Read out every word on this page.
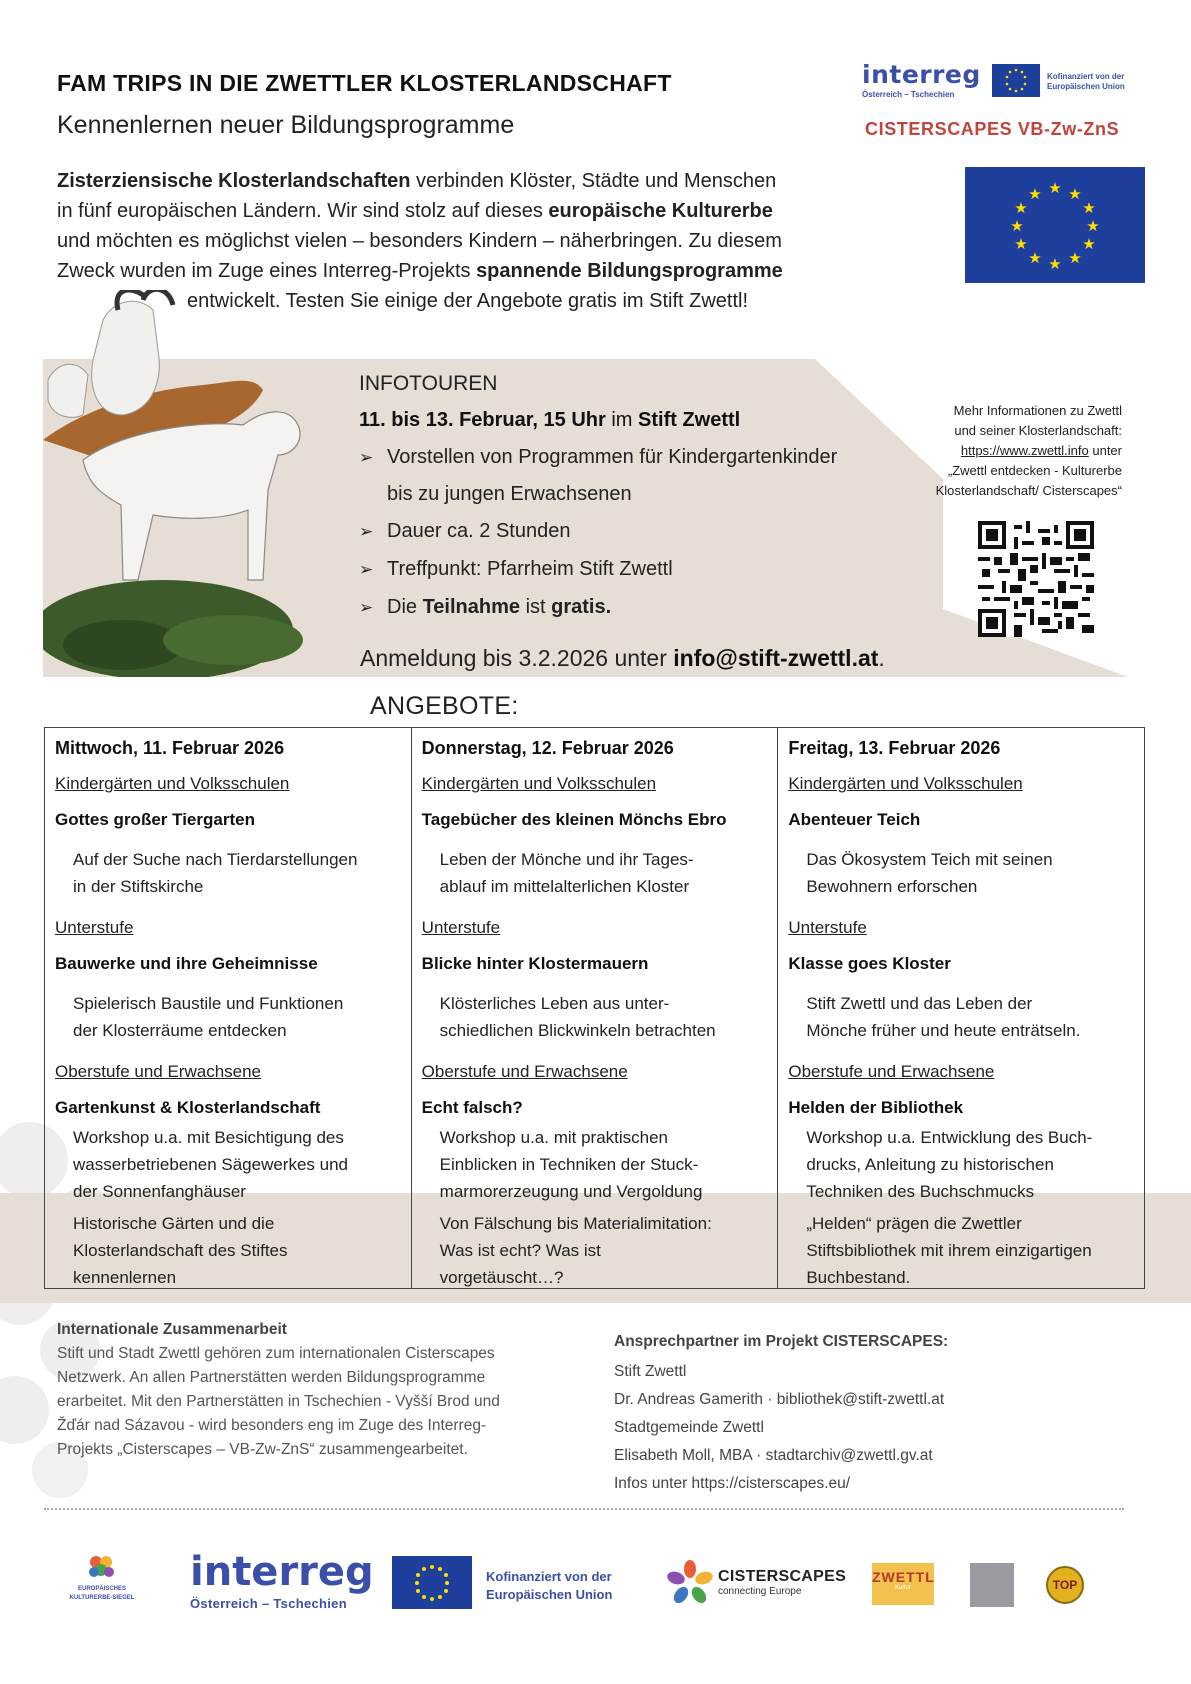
FAM TRIPS IN DIE ZWETTLER KLOSTERLANDSCHAFT
Kennenlernen neuer Bildungsprogramme
Zisterziensische Klosterlandschaften verbinden Klöster, Städte und Menschen
in fünf europäischen Ländern. Wir sind stolz auf dieses europäische Kulturerbe
und möchten es möglichst vielen – besonders Kindern – näherbringen. Zu diesem
Zweck wurden im Zuge eines Interreg-Projekts spannende Bildungsprogramme
entwickelt. Testen Sie einige der Angebote gratis im Stift Zwettl!
interreg
Österreich – Tschechien
Kofinanziert von der
Europäischen Union
CISTERSCAPES VB-Zw-ZnS
★ ★
★
★
★
★
★
★
★
★
★
★
INFOTOUREN
11. bis 13. Februar, 15 Uhr im Stift Zwettl
➢ Vorstellen von Programmen für Kindergartenkinder
bis zu jungen Erwachsenen
➢ Dauer ca. 2 Stunden
➢ Treffpunkt: Pfarrheim Stift Zwettl
➢ Die Teilnahme ist gratis.
Anmeldung bis 3.2.2026 unter info@stift-zwettl.at.
Mehr Informationen zu Zwettl
und seiner Klosterlandschaft:
https://www.zwettl.info unter
„Zwettl entdecken - Kulturerbe
Klosterlandschaft/ Cisterscapes“
ANGEBOTE:
Mittwoch, 11. Februar 2026
Kindergärten und Volksschulen
Gottes großer Tiergarten
Auf der Suche nach Tierdarstellungen
in der Stiftskirche
Unterstufe
Bauwerke und ihre Geheimnisse
Spielerisch Baustile und Funktionen
der Klosterräume entdecken
Oberstufe und Erwachsene
Gartenkunst & Klosterlandschaft
Workshop u.a. mit Besichtigung des
wasserbetriebenen Sägewerkes und
der Sonnenfanghäuser
Historische Gärten und die
Klosterlandschaft des Stiftes
kennenlernen
Donnerstag, 12. Februar 2026
Kindergärten und Volksschulen
Tagebücher des kleinen Mönchs Ebro
Leben der Mönche und ihr Tages-
ablauf im mittelalterlichen Kloster
Unterstufe
Blicke hinter Klostermauern
Klösterliches Leben aus unter-
schiedlichen Blickwinkeln betrachten
Oberstufe und Erwachsene
Echt falsch?
Workshop u.a. mit praktischen
Einblicken in Techniken der Stuck-
marmorerzeugung und Vergoldung
Von Fälschung bis Materialimitation:
Was ist echt? Was ist
vorgetäuscht…?
Freitag, 13. Februar 2026
Kindergärten und Volksschulen
Abenteuer Teich
Das Ökosystem Teich mit seinen
Bewohnern erforschen
Unterstufe
Klasse goes Kloster
Stift Zwettl und das Leben der
Mönche früher und heute enträtseln.
Oberstufe und Erwachsene
Helden der Bibliothek
Workshop u.a. Entwicklung des Buch-
drucks, Anleitung zu historischen
Techniken des Buchschmucks
„Helden“ prägen die Zwettler
Stiftsbibliothek mit ihrem einzigartigen
Buchbestand.
Internationale Zusammenarbeit
Stift und Stadt Zwettl gehören zum internationalen Cisterscapes
Netzwerk. An allen Partnerstätten werden Bildungsprogramme
erarbeitet. Mit den Partnerstätten in Tschechien - Vyšší Brod und
Žďár nad Sázavou - wird besonders eng im Zuge des Interreg-
Projekts „Cisterscapes – VB-Zw-ZnS“ zusammengearbeitet.
Ansprechpartner im Projekt CISTERSCAPES:
Stift Zwettl
Dr. Andreas Gamerith · bibliothek@stift-zwettl.at
Stadtgemeinde Zwettl
Elisabeth Moll, MBA · stadtarchiv@zwettl.gv.at
Infos unter https://cisterscapes.eu/
EUROPÄISCHES
KULTURERBE-SIEGEL
interreg
Österreich – Tschechien
Kofinanziert von der
Europäischen Union
CISTERSCAPES
connecting Europe
ZWETTL
Kultur	TOP
